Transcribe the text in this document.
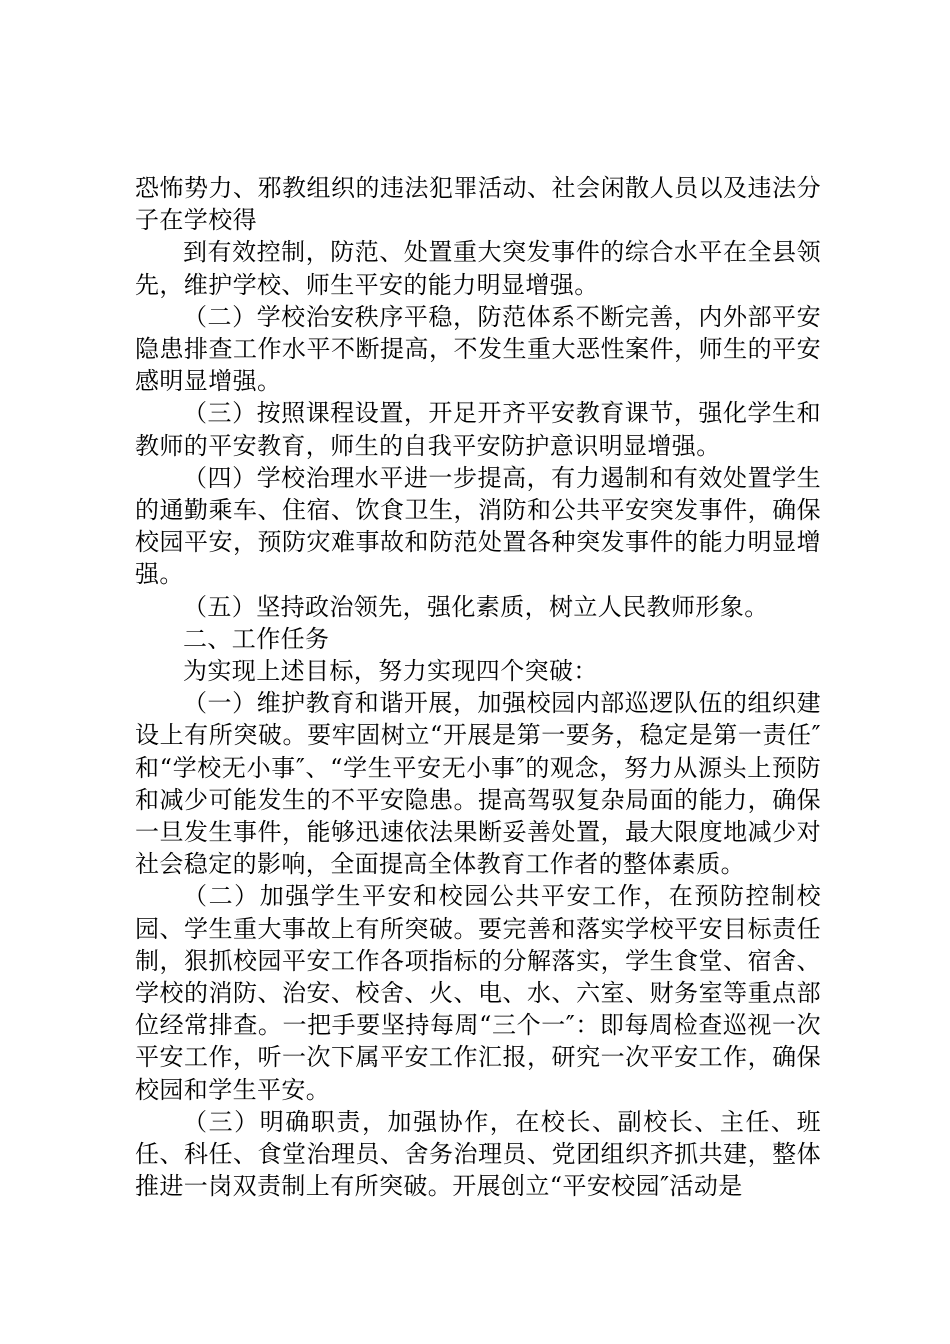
恐怖势力、邪教组织的违法犯罪活动、社会闲散人员以及违法分子在学校得

到有效控制，防范、处置重大突发事件的综合水平在全县领先，维护学校、师生平安的能力明显增强。

（二）学校治安秩序平稳，防范体系不断完善，内外部平安隐患排查工作水平不断提高，不发生重大恶性案件，师生的平安感明显增强。

（三）按照课程设置，开足开齐平安教育课节，强化学生和教师的平安教育，师生的自我平安防护意识明显增强。

（四）学校治理水平进一步提高，有力遏制和有效处置学生的通勤乘车、住宿、饮食卫生，消防和公共平安突发事件，确保校园平安，预防灾难事故和防范处置各种突发事件的能力明显增强。

（五）坚持政治领先，强化素质，树立人民教师形象。

二、工作任务

为实现上述目标，努力实现四个突破：

（一）维护教育和谐开展，加强校园内部巡逻队伍的组织建设上有所突破。要牢固树立“开展是第一要务，稳定是第一责任″和“学校无小事″、“学生平安无小事″的观念，努力从源头上预防和减少可能发生的不平安隐患。提高驾驭复杂局面的能力，确保一旦发生事件，能够迅速依法果断妥善处置，最大限度地减少对社会稳定的影响，全面提高全体教育工作者的整体素质。

（二）加强学生平安和校园公共平安工作，在预防控制校园、学生重大事故上有所突破。要完善和落实学校平安目标责任制，狠抓校园平安工作各项指标的分解落实，学生食堂、宿舍、学校的消防、治安、校舍、火、电、水、六室、财务室等重点部位经常排查。一把手要坚持每周“三个一″：即每周检查巡视一次平安工作，听一次下属平安工作汇报，研究一次平安工作，确保校园和学生平安。

（三）明确职责，加强协作，在校长、副校长、主任、班任、科任、食堂治理员、舍务治理员、党团组织齐抓共建，整体推进一岗双责制上有所突破。开展创立“平安校园″活动是
